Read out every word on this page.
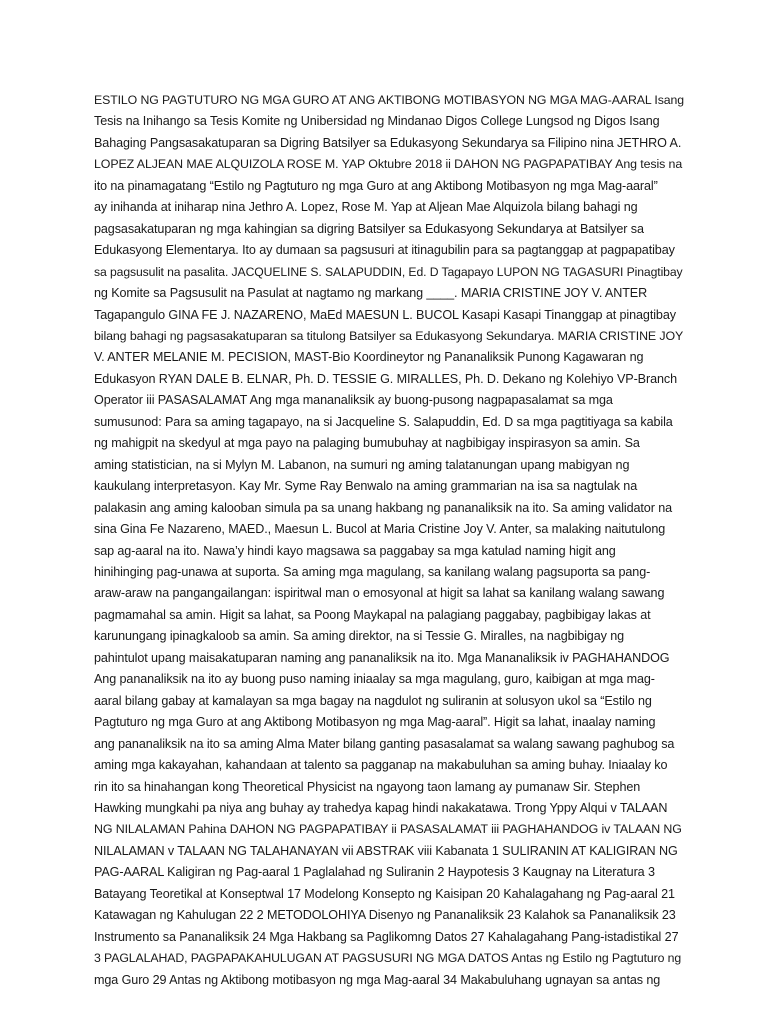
ESTILO NG PAGTUTURO NG MGA GURO AT ANG AKTIBONG MOTIBASYON NG MGA MAG-AARAL Isang
Tesis na Inihango sa Tesis Komite ng Unibersidad ng Mindanao Digos College Lungsod ng Digos Isang
Bahaging Pangsasakatuparan sa Digring Batsilyer sa Edukasyong Sekundarya sa Filipino nina JETHRO A.
LOPEZ ALJEAN MAE ALQUIZOLA ROSE M. YAP Oktubre 2018 ii DAHON NG PAGPAPATIBAY Ang tesis na
ito na pinamagatang “Estilo ng Pagtuturo ng mga Guro at ang Aktibong Motibasyon ng mga Mag-aaral”
ay inihanda at iniharap nina Jethro A. Lopez, Rose M. Yap at Aljean Mae Alquizola bilang bahagi ng
pagsasakatuparan ng mga kahingian sa digring Batsilyer sa Edukasyong Sekundarya at Batsilyer sa
Edukasyong Elementarya. Ito ay dumaan sa pagsusuri at itinagubilin para sa pagtanggap at pagpapatibay
sa pagsusulit na pasalita. JACQUELINE S. SALAPUDDIN, Ed. D Tagapayo LUPON NG TAGASURI Pinagtibay
ng Komite sa Pagsusulit na Pasulat at nagtamo ng markang ____. MARIA CRISTINE JOY V. ANTER
Tagapangulo GINA FE J. NAZARENO, MaEd MAESUN L. BUCOL Kasapi Kasapi Tinanggap at pinagtibay
bilang bahagi ng pagsasakatuparan sa titulong Batsilyer sa Edukasyong Sekundarya. MARIA CRISTINE JOY
V. ANTER MELANIE M. PECISION, MAST-Bio Koordineytor ng Pananaliksik Punong Kagawaran ng
Edukasyon RYAN DALE B. ELNAR, Ph. D. TESSIE G. MIRALLES, Ph. D. Dekano ng Kolehiyo VP-Branch
Operator iii PASASALAMAT Ang mga mananaliksik ay buong-pusong nagpapasalamat sa mga
sumusunod: Para sa aming tagapayo, na si Jacqueline S. Salapuddin, Ed. D sa mga pagtitiyaga sa kabila
ng mahigpit na skedyul at mga payo na palaging bumubuhay at nagbibigay inspirasyon sa amin. Sa
aming statistician, na si Mylyn M. Labanon, na sumuri ng aming talatanungan upang mabigyan ng
kaukulang interpretasyon. Kay Mr. Syme Ray Benwalo na aming grammarian na isa sa nagtulak na
palakasin ang aming kalooban simula pa sa unang hakbang ng pananaliksik na ito. Sa aming validator na
sina Gina Fe Nazareno, MAED., Maesun L. Bucol at Maria Cristine Joy V. Anter, sa malaking naitutulong
sap ag-aaral na ito. Nawa’y hindi kayo magsawa sa paggabay sa mga katulad naming higit ang
hinihinging pag-unawa at suporta. Sa aming mga magulang, sa kanilang walang pagsuporta sa pang-
araw-araw na pangangailangan: ispiritwal man o emosyonal at higit sa lahat sa kanilang walang sawang
pagmamahal sa amin. Higit sa lahat, sa Poong Maykapal na palagiang paggabay, pagbibigay lakas at
karunungang ipinagkaloob sa amin. Sa aming direktor, na si Tessie G. Miralles, na nagbibigay ng
pahintulot upang maisakatuparan naming ang pananaliksik na ito. Mga Mananaliksik iv PAGHAHANDOG
Ang pananaliksik na ito ay buong puso naming iniaalay sa mga magulang, guro, kaibigan at mga mag-
aaral bilang gabay at kamalayan sa mga bagay na nagdulot ng suliranin at solusyon ukol sa “Estilo ng
Pagtuturo ng mga Guro at ang Aktibong Motibasyon ng mga Mag-aaral”. Higit sa lahat, inaalay naming
ang pananaliksik na ito sa aming Alma Mater bilang ganting pasasalamat sa walang sawang paghubog sa
aming mga kakayahan, kahandaan at talento sa pagganap na makabuluhan sa aming buhay. Iniaalay ko
rin ito sa hinahangan kong Theoretical Physicist na ngayong taon lamang ay pumanaw Sir. Stephen
Hawking mungkahi pa niya ang buhay ay trahedya kapag hindi nakakatawa. Trong Yppy Alqui v TALAAN
NG NILALAMAN Pahina DAHON NG PAGPAPATIBAY ii PASASALAMAT iii PAGHAHANDOG iv TALAAN NG
NILALAMAN v TALAAN NG TALAHANAYAN vii ABSTRAK viii Kabanata 1 SULIRANIN AT KALIGIRAN NG
PAG-AARAL Kaligiran ng Pag-aaral 1 Paglalahad ng Suliranin 2 Haypotesis 3 Kaugnay na Literatura 3
Batayang Teoretikal at Konseptwal 17 Modelong Konsepto ng Kaisipan 20 Kahalagahang ng Pag-aaral 21
Katawagan ng Kahulugan 22 2 METODOLOHIYA Disenyo ng Pananaliksik 23 Kalahok sa Pananaliksik 23
Instrumento sa Pananaliksik 24 Mga Hakbang sa Paglikomng Datos 27 Kahalagahang Pang-istadistikal 27
3 PAGLALAHAD, PAGPAPAKAHULUGAN AT PAGSUSURI NG MGA DATOS Antas ng Estilo ng Pagtuturo ng
mga Guro 29 Antas ng Aktibong motibasyon ng mga Mag-aaral 34 Makabuluhang ugnayan sa antas ng
